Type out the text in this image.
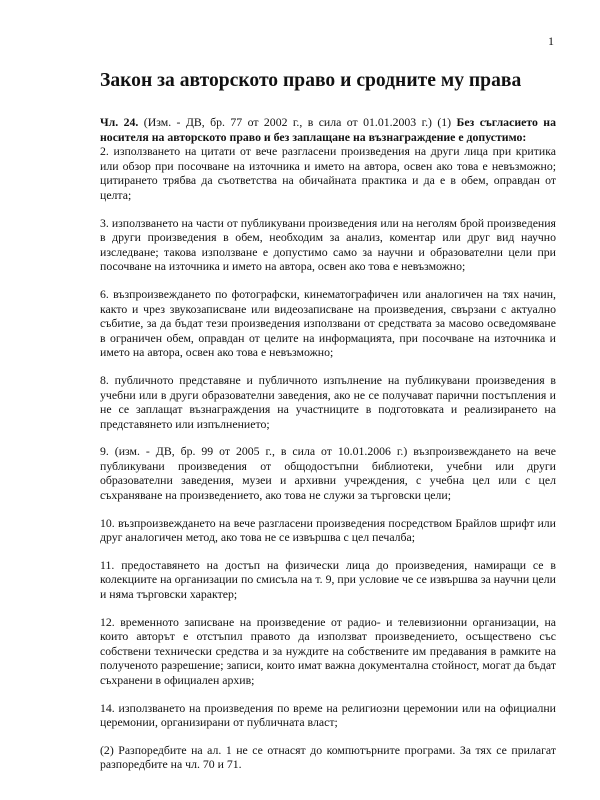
1
Закон за авторското право и сродните му права

Чл. 24. (Изм. - ДВ, бр. 77 от 2002 г., в сила от 01.01.2003 г.) (1) Без съгласието на носителя на авторското право и без заплащане на възнаграждение е допустимо:

2. използването на цитати от вече разгласени произведения на други лица при критика или обзор при посочване на източника и името на автора, освен ако това е невъзможно; цитирането трябва да съответства на обичайната практика и да е в обем, оправдан от целта;

3. използването на части от публикувани произведения или на неголям брой произведения в други произведения в обем, необходим за анализ, коментар или друг вид научно изследване; такова използване е допустимо само за научни и образователни цели при посочване на източника и името на автора, освен ако това е невъзможно;

6. възпроизвеждането по фотографски, кинематографичен или аналогичен на тях начин, както и чрез звукозаписване или видеозаписване на произведения, свързани с актуално събитие, за да бъдат тези произведения използвани от средствата за масово осведомяване в ограничен обем, оправдан от целите на информацията, при посочване на източника и името на автора, освен ако това е невъзможно;

8. публичното представяне и публичното изпълнение на публикувани произведения в учебни или в други образователни заведения, ако не се получават парични постъпления и не се заплащат възнаграждения на участниците в подготовката и реализирането на представянето или изпълнението;

9. (изм. - ДВ, бр. 99 от 2005 г., в сила от 10.01.2006 г.) възпроизвеждането на вече публикувани произведения от общодостъпни библиотеки, учебни или други образователни заведения, музеи и архивни учреждения, с учебна цел или с цел съхраняване на произведението, ако това не служи за търговски цели;

10. възпроизвеждането на вече разгласени произведения посредством Брайлов шрифт или друг аналогичен метод, ако това не се извършва с цел печалба;

11. предоставянето на достъп на физически лица до произведения, намиращи се в колекциите на организации по смисъла на т. 9, при условие че се извършва за научни цели и няма търговски характер;

12. временното записване на произведение от радио- и телевизионни организации, на които авторът е отстъпил правото да използват произведението, осъществено със собствени технически средства и за нуждите на собствените им предавания в рамките на полученото разрешение; записи, които имат важна документална стойност, могат да бъдат съхранени в официален архив;

14. използването на произведения по време на религиозни церемонии или на официални церемонии, организирани от публичната власт;

(2) Разпоредбите на ал. 1 не се отнасят до компютърните програми. За тях се прилагат разпоредбите на чл. 70 и 71.
